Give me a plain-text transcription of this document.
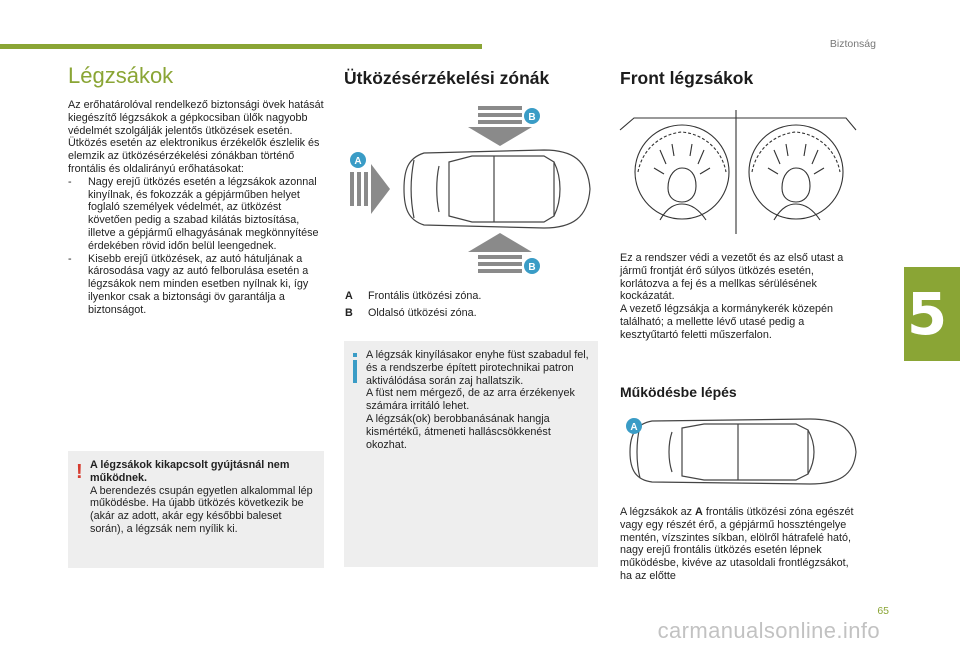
Biztonság
5
65
carmanualsonline.info
Légzsákok

Az erőhatárolóval rendelkező biztonsági övek hatását kiegészítő légzsákok a gépkocsiban ülők nagyobb védelmét szolgálják jelentős ütközések esetén.
Ütközés esetén az elektronikus érzékelők észlelik és elemzik az ütközésérzékelési zónákban történő frontális és oldalirányú erőhatásokat:

- Nagy erejű ütközés esetén a légzsákok azonnal kinyílnak, és fokozzák a gépjárműben helyet foglaló személyek védelmét, az ütközést követően pedig a szabad kilátás biztosítása, illetve a gépjármű elhagyásának megkönnyítése érdekében rövid időn belül leengednek.
- Kisebb erejű ütközések, az autó hátuljának a károsodása vagy az autó felborulása esetén a légzsákok nem minden esetben nyílnak ki, így ilyenkor csak a biztonsági öv garantálja a biztonságot.
! A légzsákok kikapcsolt gyújtásnál nem működnek.
A berendezés csupán egyetlen alkalommal lép működésbe. Ha újabb ütközés következik be (akár az adott, akár egy későbbi baleset során), a légzsák nem nyílik ki.
Ütközésérzékelési zónák
B
A
B
A Frontális ütközési zóna.
B Oldalsó ütközési zóna.
A légzsák kinyílásakor enyhe füst szabadul fel, és a rendszerbe épített pirotechnikai patron aktiválódása során zaj hallatszik.
A füst nem mérgező, de az arra érzékenyek számára irritáló lehet.
A légzsák(ok) berobbanásának hangja kismértékű, átmeneti halláscsökkenést okozhat.
Front légzsákok

Ez a rendszer védi a vezetőt és az első utast a jármű frontját érő súlyos ütközés esetén, korlátozva a fej és a mellkas sérülésének kockázatát.
A vezető légzsákja a kormánykerék közepén található; a mellette lévő utasé pedig a kesztyűtartó feletti műszerfalon.

Működésbe lépés
A

A légzsákok az A frontális ütközési zóna egészét vagy egy részét érő, a gépjármű hosszténgelye mentén, vízszintes síkban, elölről hátrafelé ható, nagy erejű frontális ütközés esetén lépnek működésbe, kivéve az utasoldali frontlégzsákot, ha az előtte
